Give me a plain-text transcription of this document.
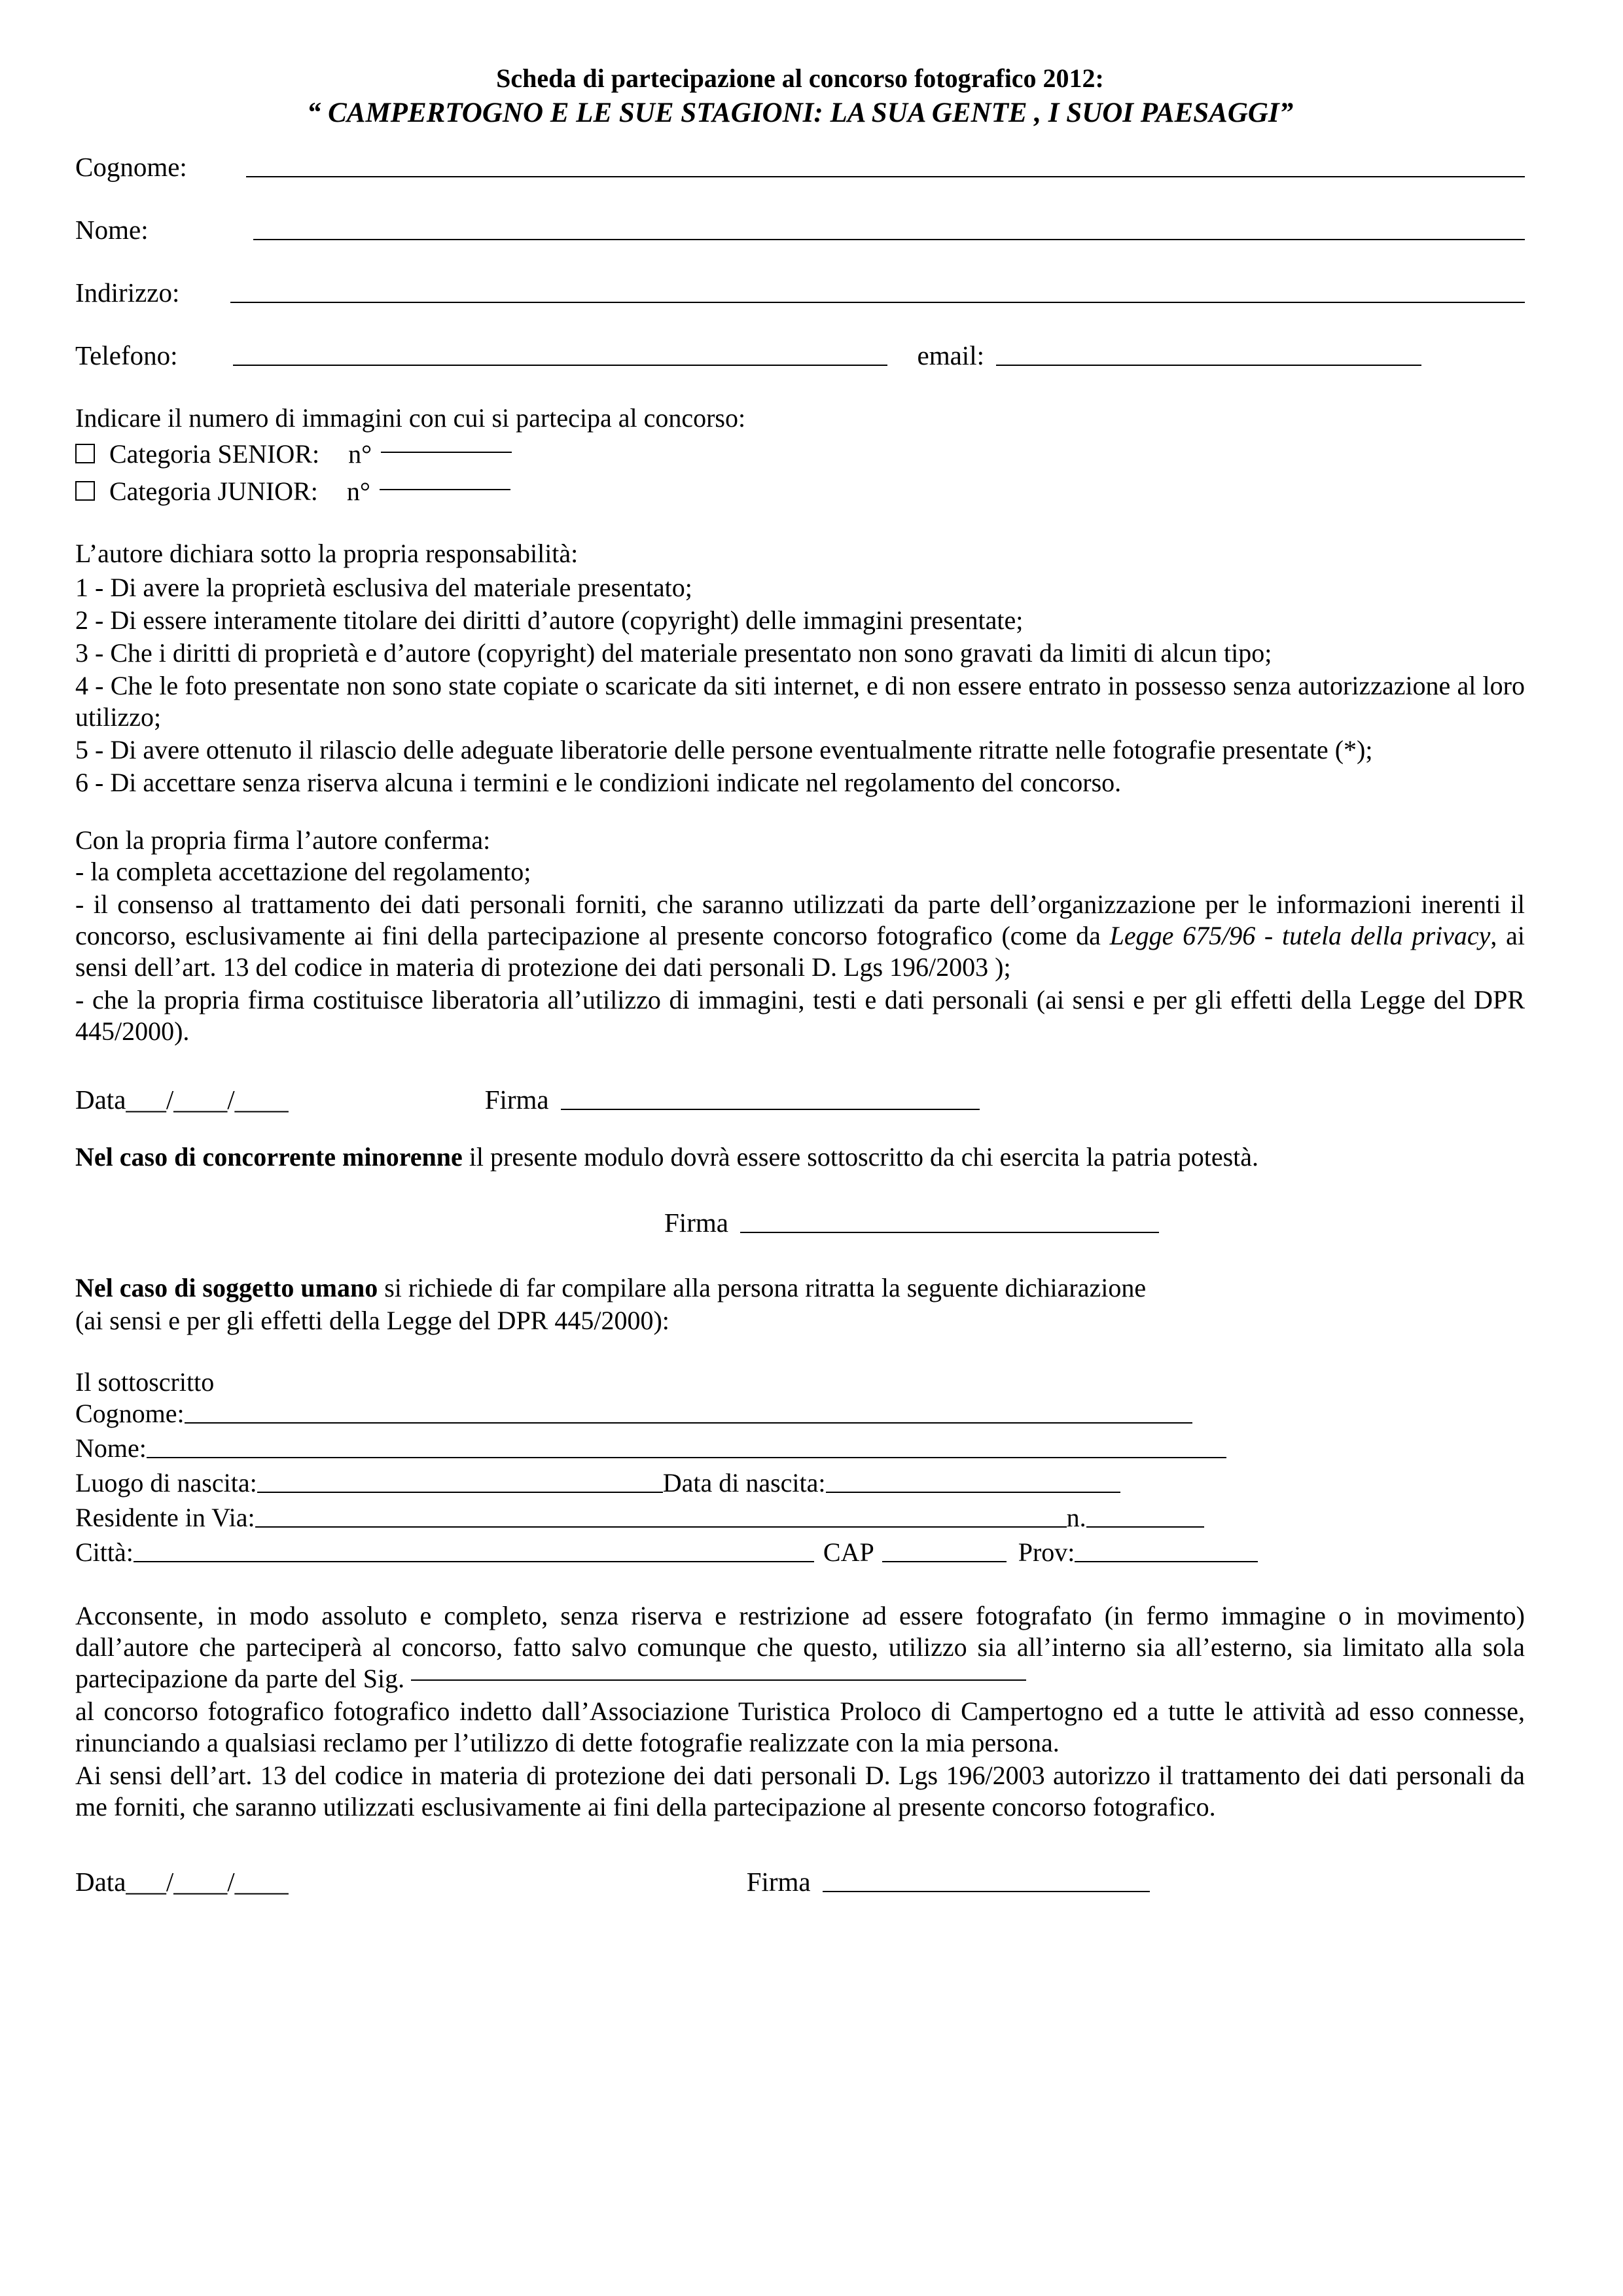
Scheda di partecipazione al concorso fotografico 2012:
“ CAMPERTOGNO E LE SUE STAGIONI: LA SUA GENTE , I SUOI PAESAGGI”
Cognome:
Nome:
Indirizzo:
Telefono:	email:
Indicare il numero di immagini con cui si partecipa al concorso:
Categoria SENIOR: n°
Categoria JUNIOR: n°
L’autore dichiara sotto la propria responsabilità:

1 - Di avere la proprietà esclusiva del materiale presentato;

2 - Di essere interamente titolare dei diritti d’autore (copyright) delle immagini presentate;

3 - Che i diritti di proprietà e d’autore (copyright) del materiale presentato non sono gravati da limiti di alcun tipo;

4 - Che le foto presentate non sono state copiate o scaricate da siti internet, e di non essere entrato in possesso senza autorizzazione al loro utilizzo;

5 - Di avere ottenuto il rilascio delle adeguate liberatorie delle persone eventualmente ritratte nelle fotografie presentate (*);

6 - Di accettare senza riserva alcuna i termini e le condizioni indicate nel regolamento del concorso.

Con la propria firma l’autore conferma:

- la completa accettazione del regolamento;

- il consenso al trattamento dei dati personali forniti, che saranno utilizzati da parte dell’organizzazione per le informazioni inerenti il concorso, esclusivamente ai fini della partecipazione al presente concorso fotografico (come da Legge 675/96 - tutela della privacy, ai sensi dell’art. 13 del codice in materia di protezione dei dati personali D. Lgs 196/2003 );

- che la propria firma costituisce liberatoria all’utilizzo di immagini, testi e dati personali (ai sensi e per gli effetti della Legge del DPR 445/2000).

Data___/____/____	Firma

Nel caso di concorrente minorenne il presente modulo dovrà essere sottoscritto da chi esercita la patria potestà.

Firma

Nel caso di soggetto umano si richiede di far compilare alla persona ritratta la seguente dichiarazione

(ai sensi e per gli effetti della Legge del DPR 445/2000):

Il sottoscritto
Cognome:
Nome:
Luogo di nascita:	Data di nascita:
Residente in Via:	n.
Città:	CAP	Prov:

Acconsente, in modo assoluto e completo, senza riserva e restrizione ad essere fotografato (in fermo immagine o in movimento) dall’autore che parteciperà al concorso, fatto salvo comunque che questo, utilizzo sia all’interno sia all’esterno, sia limitato alla sola partecipazione da parte del Sig.

al concorso fotografico fotografico indetto dall’Associazione Turistica Proloco di Campertogno ed a tutte le attività ad esso connesse, rinunciando a qualsiasi reclamo per l’utilizzo di dette fotografie realizzate con la mia persona.

Ai sensi dell’art. 13 del codice in materia di protezione dei dati personali D. Lgs 196/2003 autorizzo il trattamento dei dati personali da me forniti, che saranno utilizzati esclusivamente ai fini della partecipazione al presente concorso fotografico.

Data___/____/____	Firma
